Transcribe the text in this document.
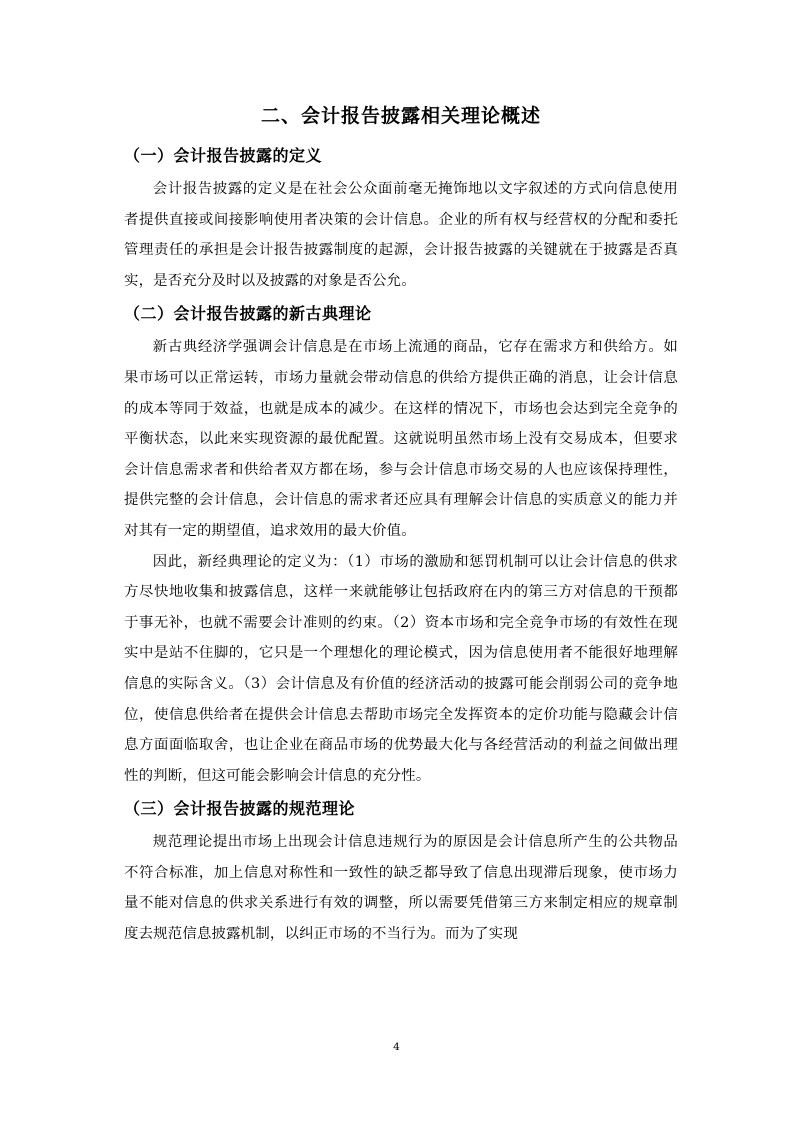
二、会计报告披露相关理论概述
（一）会计报告披露的定义

会计报告披露的定义是在社会公众面前毫无掩饰地以文字叙述的方式向信息使用者提供直接或间接影响使用者决策的会计信息。企业的所有权与经营权的分配和委托管理责任的承担是会计报告披露制度的起源，会计报告披露的关键就在于披露是否真实，是否充分及时以及披露的对象是否公允。

（二）会计报告披露的新古典理论

新古典经济学强调会计信息是在市场上流通的商品，它存在需求方和供给方。如果市场可以正常运转，市场力量就会带动信息的供给方提供正确的消息，让会计信息的成本等同于效益，也就是成本的减少。在这样的情况下，市场也会达到完全竞争的平衡状态，以此来实现资源的最优配置。这就说明虽然市场上没有交易成本，但要求会计信息需求者和供给者双方都在场，参与会计信息市场交易的人也应该保持理性，提供完整的会计信息，会计信息的需求者还应具有理解会计信息的实质意义的能力并对其有一定的期望值，追求效用的最大价值。

因此，新经典理论的定义为：（1）市场的激励和惩罚机制可以让会计信息的供求方尽快地收集和披露信息，这样一来就能够让包括政府在内的第三方对信息的干预都于事无补，也就不需要会计准则的约束。（2）资本市场和完全竞争市场的有效性在现实中是站不住脚的，它只是一个理想化的理论模式，因为信息使用者不能很好地理解信息的实际含义。（3）会计信息及有价值的经济活动的披露可能会削弱公司的竞争地位，使信息供给者在提供会计信息去帮助市场完全发挥资本的定价功能与隐藏会计信息方面面临取舍，也让企业在商品市场的优势最大化与各经营活动的利益之间做出理性的判断，但这可能会影响会计信息的充分性。

（三）会计报告披露的规范理论

规范理论提出市场上出现会计信息违规行为的原因是会计信息所产生的公共物品不符合标准，加上信息对称性和一致性的缺乏都导致了信息出现滞后现象，使市场力量不能对信息的供求关系进行有效的调整，所以需要凭借第三方来制定相应的规章制度去规范信息披露机制，以纠正市场的不当行为。而为了实现

4
